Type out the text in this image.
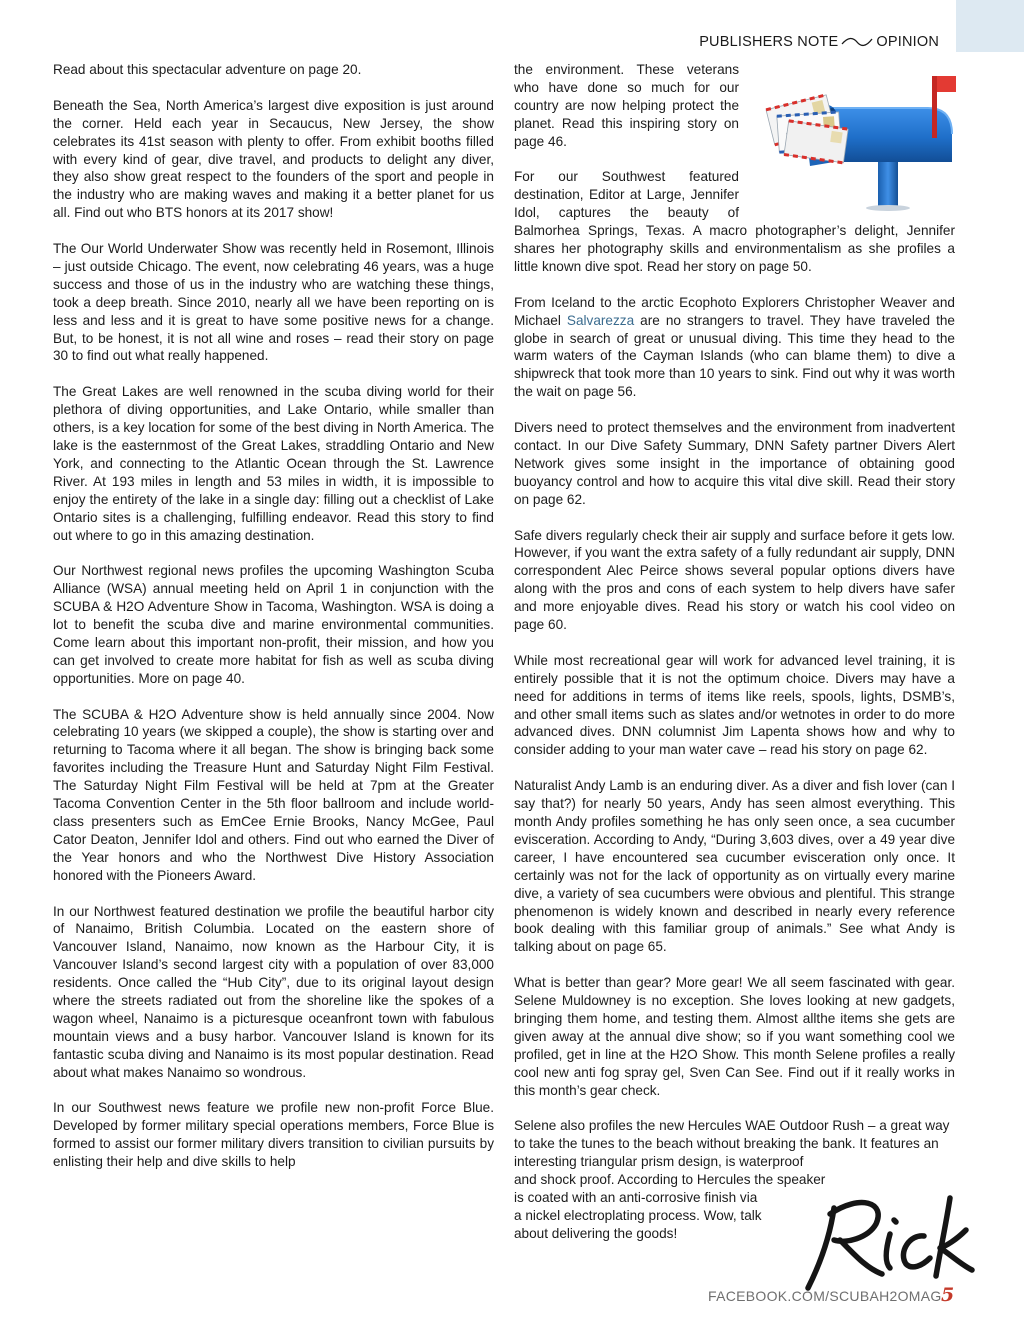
PUBLISHERS NOTE	OPINION

Read about this spectacular adventure on page 20.

Beneath the Sea, North America’s largest dive exposition is just around the corner. Held each year in Secaucus, New Jersey, the show celebrates its 41st season with plenty to offer. From exhibit booths filled with every kind of gear, dive travel, and products to delight any diver, they also show great respect to the founders of the sport and people in the industry who are making waves and making it a better planet for us all. Find out who BTS honors at its 2017 show!

The Our World Underwater Show was recently held in Rosemont, Illinois – just outside Chicago. The event, now celebrating 46 years, was a huge success and those of us in the industry who are watching these things, took a deep breath. Since 2010, nearly all we have been reporting on is less and less and it is great to have some positive news for a change. But, to be honest, it is not all wine and roses – read their story on page 30 to find out what really happened.

The Great Lakes are well renowned in the scuba diving world for their plethora of diving opportunities, and Lake Ontario, while smaller than others, is a key location for some of the best diving in North America. The lake is the easternmost of the Great Lakes, straddling Ontario and New York, and connecting to the Atlantic Ocean through the St. Lawrence River. At 193 miles in length and 53 miles in width, it is impossible to enjoy the entirety of the lake in a single day: filling out a checklist of Lake Ontario sites is a challenging, fulfilling endeavor. Read this story to find out where to go in this amazing destination.

Our Northwest regional news profiles the upcoming Washington Scuba Alliance (WSA) annual meeting held on April 1 in conjunction with the SCUBA & H2O Adventure Show in Tacoma, Washington. WSA is doing a lot to benefit the scuba dive and marine environmental communities. Come learn about this important non-profit, their mission, and how you can get involved to create more habitat for fish as well as scuba diving opportunities. More on page 40.

The SCUBA & H2O Adventure show is held annually since 2004. Now celebrating 10 years (we skipped a couple), the show is starting over and returning to Tacoma where it all began. The show is bringing back some favorites including the Treasure Hunt and Saturday Night Film Festival. The Saturday Night Film Festival will be held at 7pm at the Greater Tacoma Convention Center in the 5th floor ballroom and include world-class presenters such as EmCee Ernie Brooks, Nancy McGee, Paul Cator Deaton, Jennifer Idol and others. Find out who earned the Diver of the Year honors and who the Northwest Dive History Association honored with the Pioneers Award.

In our Northwest featured destination we profile the beautiful harbor city of Nanaimo, British Columbia. Located on the eastern shore of Vancouver Island, Nanaimo, now known as the Harbour City, it is Vancouver Island’s second largest city with a population of over 83,000 residents. Once called the “Hub City”, due to its original layout design where the streets radiated out from the shoreline like the spokes of a wagon wheel, Nanaimo is a picturesque oceanfront town with fabulous mountain views and a busy harbor. Vancouver Island is known for its fantastic scuba diving and Nanaimo is its most popular destination. Read about what makes Nanaimo so wondrous.

In our Southwest news feature we profile new non-profit Force Blue. Developed by former military special operations members, Force Blue is formed to assist our former military divers transition to civilian pursuits by enlisting their help and dive skills to help

the environment. These veterans who have done so much for our country are now helping protect the planet. Read this inspiring story on page 46.

For our Southwest featured destination, Editor at Large, Jennifer Idol, captures the beauty of Balmorhea Springs, Texas. A macro photographer’s delight, Jennifer shares her photography skills and environmentalism as she profiles a little known dive spot. Read her story on page 50.

From Iceland to the arctic Ecophoto Explorers Christopher Weaver and Michael Salvarezza are no strangers to travel. They have traveled the globe in search of great or unusual diving. This time they head to the warm waters of the Cayman Islands (who can blame them) to dive a shipwreck that took more than 10 years to sink. Find out why it was worth the wait on page 56.

Divers need to protect themselves and the environment from inadvertent contact. In our Dive Safety Summary, DNN Safety partner Divers Alert Network gives some insight in the importance of obtaining good buoyancy control and how to acquire this vital dive skill. Read their story on page 62.

Safe divers regularly check their air supply and surface before it gets low. However, if you want the extra safety of a fully redundant air supply, DNN correspondent Alec Peirce shows several popular options divers have along with the pros and cons of each system to help divers have safer and more enjoyable dives. Read his story or watch his cool video on page 60.

While most recreational gear will work for advanced level training, it is entirely possible that it is not the optimum choice. Divers may have a need for additions in terms of items like reels, spools, lights, DSMB’s, and other small items such as slates and/or wetnotes in order to do more advanced dives. DNN columnist Jim Lapenta shows how and why to consider adding to your man water cave – read his story on page 62.

Naturalist Andy Lamb is an enduring diver. As a diver and fish lover (can I say that?) for nearly 50 years, Andy has seen almost everything. This month Andy profiles something he has only seen once, a sea cucumber evisceration. According to Andy, “During 3,603 dives, over a 49 year dive career, I have encountered sea cucumber evisceration only once. It certainly was not for the lack of opportunity as on virtually every marine dive, a variety of sea cucumbers were obvious and plentiful. This strange phenomenon is widely known and described in nearly every reference book dealing with this familiar group of animals.” See what Andy is talking about on page 65.

What is better than gear? More gear! We all seem fascinated with gear. Selene Muldowney is no exception. She loves looking at new gadgets, bringing them home, and testing them. Almost allthe items she gets are given away at the annual dive show; so if you want something cool we profiled, get in line at the H2O Show. This month Selene profiles a really cool new anti fog spray gel, Sven Can See. Find out if it really works in this month’s gear check.

Selene also profiles the new Hercules WAE Outdoor Rush – a great way to take the tunes to the beach without breaking the bank. It features an interesting triangular prism design, is waterproof
and shock proof. According to Hercules the speaker
is coated with an anti-corrosive finish via
a nickel electroplating process. Wow, talk
about delivering the goods!

FACEBOOK.COM/SCUBAH2OMAG 5
